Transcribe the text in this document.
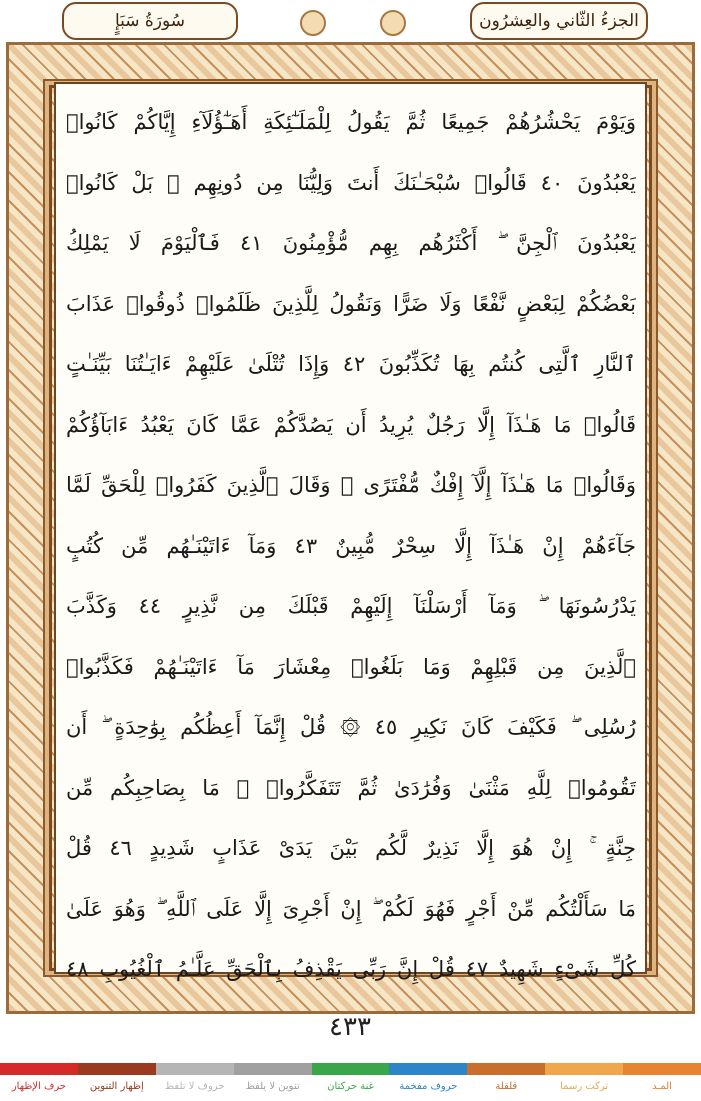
سُورَةُ سَبَإٍ	الجزءُ الثّاني والعِشرُون
وَيَوْمَ يَحْشُرُهُمْ جَمِيعًا ثُمَّ يَقُولُ لِلْمَلَـٰٓئِكَةِ أَهَـٰٓؤُلَآءِ إِيَّاكُمْ كَانُوا۟
يَعْبُدُونَ ٤٠ قَالُوا۟ سُبْحَـٰنَكَ أَنتَ وَلِيُّنَا مِن دُونِهِم ۖ بَلْ كَانُوا۟
يَعْبُدُونَ ٱلْجِنَّ ۖ أَكْثَرُهُم بِهِم مُّؤْمِنُونَ ٤١ فَٱلْيَوْمَ لَا يَمْلِكُ
بَعْضُكُمْ لِبَعْضٍ نَّفْعًا وَلَا ضَرًّا وَنَقُولُ لِلَّذِينَ ظَلَمُوا۟ ذُوقُوا۟ عَذَابَ
ٱلنَّارِ ٱلَّتِى كُنتُم بِهَا تُكَذِّبُونَ ٤٢ وَإِذَا تُتْلَىٰ عَلَيْهِمْ ءَايَـٰتُنَا بَيِّنَـٰتٍ
قَالُوا۟ مَا هَـٰذَآ إِلَّا رَجُلٌ يُرِيدُ أَن يَصُدَّكُمْ عَمَّا كَانَ يَعْبُدُ ءَابَآؤُكُمْ
وَقَالُوا۟ مَا هَـٰذَآ إِلَّآ إِفْكٌ مُّفْتَرًى ۚ وَقَالَ ٱلَّذِينَ كَفَرُوا۟ لِلْحَقِّ لَمَّا
جَآءَهُمْ إِنْ هَـٰذَآ إِلَّا سِحْرٌ مُّبِينٌ ٤٣ وَمَآ ءَاتَيْنَـٰهُم مِّن كُتُبٍ
يَدْرُسُونَهَا ۖ وَمَآ أَرْسَلْنَآ إِلَيْهِمْ قَبْلَكَ مِن نَّذِيرٍ ٤٤ وَكَذَّبَ
ٱلَّذِينَ مِن قَبْلِهِمْ وَمَا بَلَغُوا۟ مِعْشَارَ مَآ ءَاتَيْنَـٰهُمْ فَكَذَّبُوا۟
رُسُلِى ۖ فَكَيْفَ كَانَ نَكِيرِ ٤٥ ۞ قُلْ إِنَّمَآ أَعِظُكُم بِوَٰحِدَةٍ ۖ أَن
تَقُومُوا۟ لِلَّهِ مَثْنَىٰ وَفُرَٰدَىٰ ثُمَّ تَتَفَكَّرُوا۟ ۚ مَا بِصَاحِبِكُم مِّن
جِنَّةٍ ۚ إِنْ هُوَ إِلَّا نَذِيرٌ لَّكُم بَيْنَ يَدَىْ عَذَابٍ شَدِيدٍ ٤٦ قُلْ
مَا سَأَلْتُكُم مِّنْ أَجْرٍ فَهُوَ لَكُمْ ۖ إِنْ أَجْرِىَ إِلَّا عَلَى ٱللَّهِ ۖ وَهُوَ عَلَىٰ
كُلِّ شَىْءٍ شَهِيدٌ ٤٧ قُلْ إِنَّ رَبِّى يَقْذِفُ بِٱلْحَقِّ عَلَّـٰمُ ٱلْغُيُوبِ ٤٨
٤٣٣
المـد
تركت رسما
قلقلة
حروف مفخمة
غنة حركتان
تنوين لا يلفظ
حروف لا تلفظ
إظهار التنوين
حرف الإظهار
